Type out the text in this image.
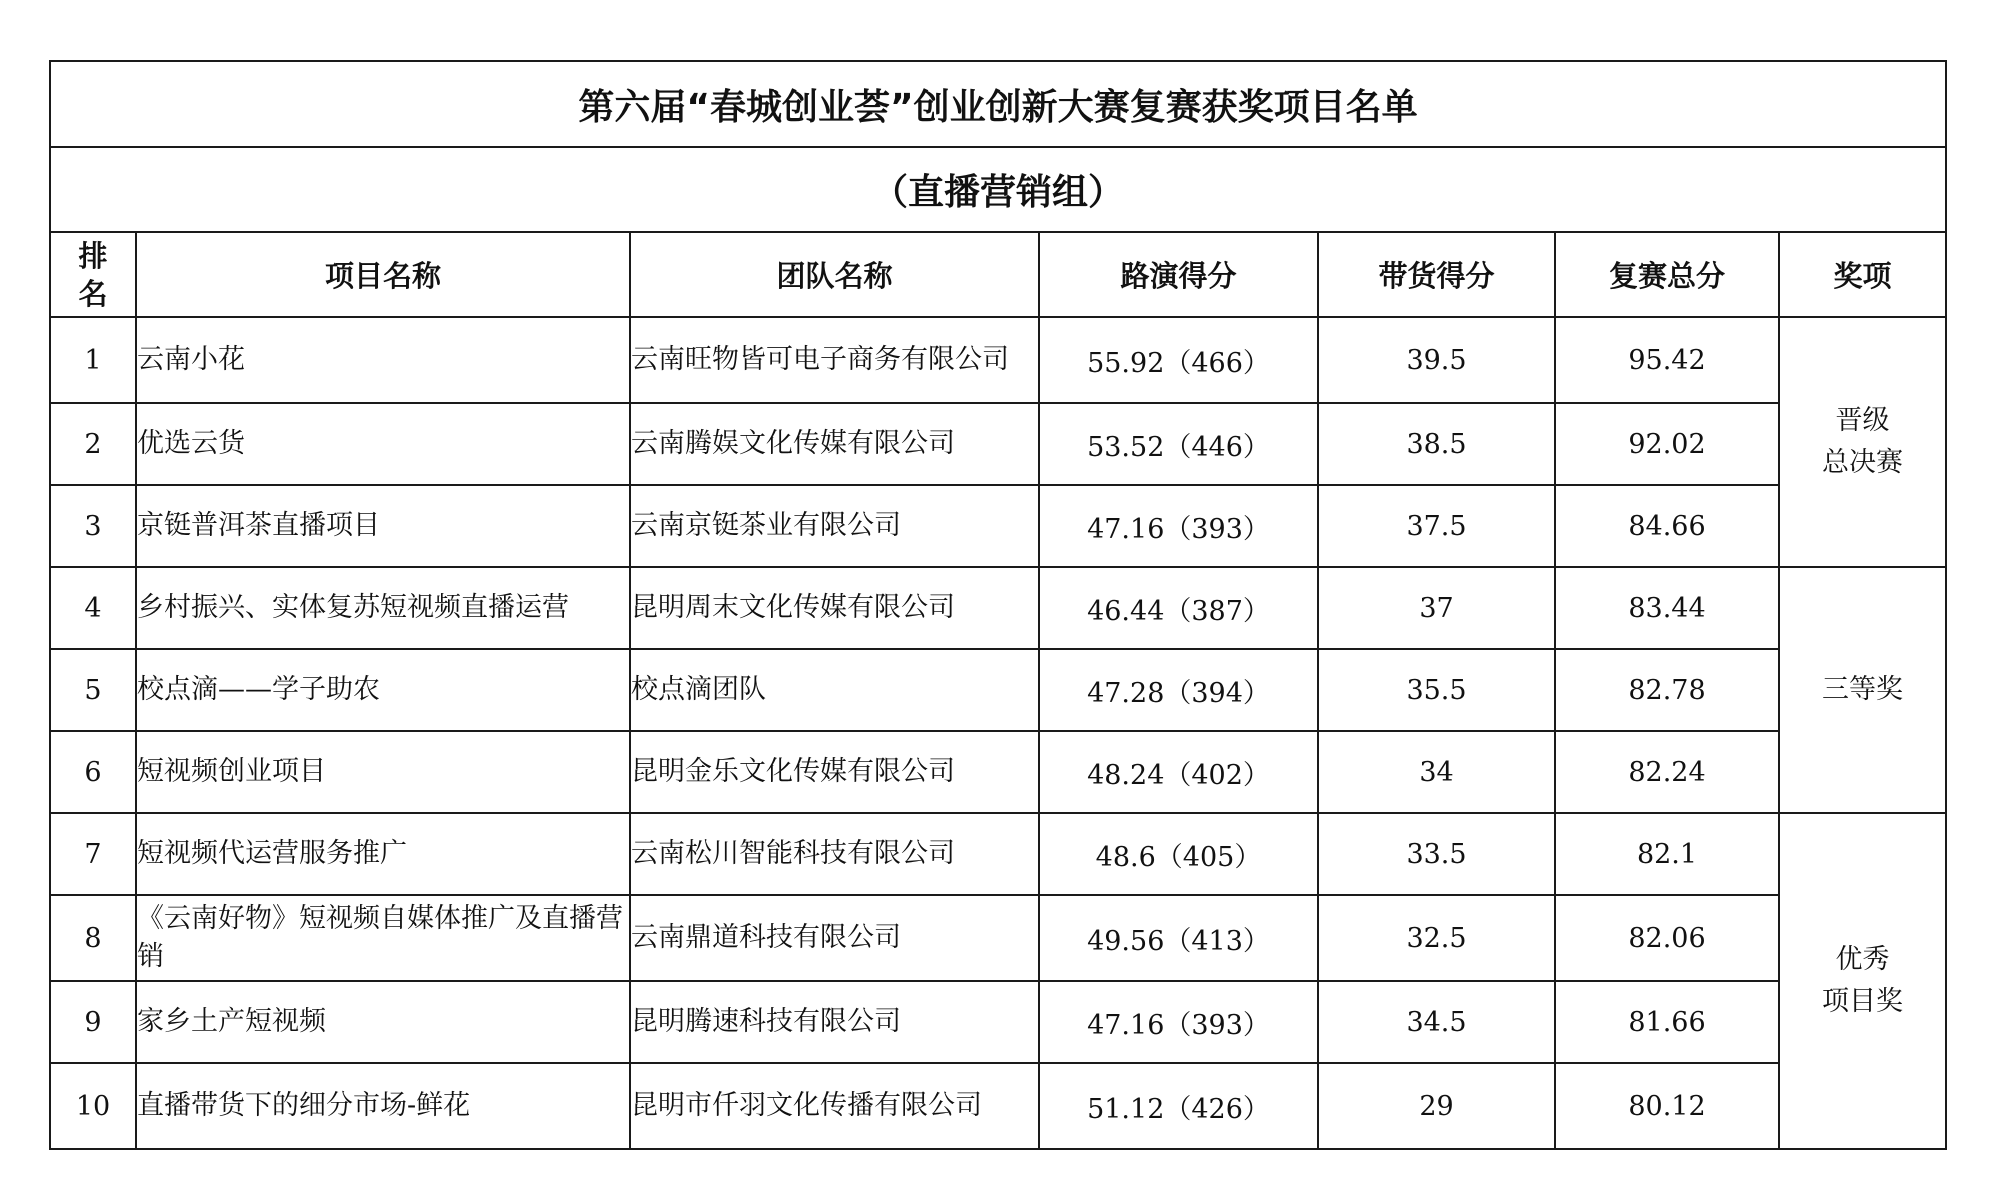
第六届“春城创业荟”创业创新大赛复赛获奖项目名单						
（直播营销组）						
排
名	项目名称	团队名称	路演得分	带货得分	复赛总分	奖项
1	云南小花	云南旺物皆可电子商务有限公司	55.92（466）	39.5	95.42	晋级
总决赛
2	优选云货	云南腾娱文化传媒有限公司	53.52（446）	38.5	92.02	
3	京铤普洱茶直播项目	云南京铤茶业有限公司	47.16（393）	37.5	84.66	
4	乡村振兴、实体复苏短视频直播运营	昆明周末文化传媒有限公司	46.44（387）	37	83.44	三等奖
5	校点滴——学子助农	校点滴团队	47.28（394）	35.5	82.78	
6	短视频创业项目	昆明金乐文化传媒有限公司	48.24（402）	34	82.24	
7	短视频代运营服务推广	云南松川智能科技有限公司	48.6（405）	33.5	82.1	优秀
项目奖
8	《云南好物》短视频自媒体推广及直播营销	云南鼎道科技有限公司	49.56（413）	32.5	82.06	
9	家乡土产短视频	昆明腾速科技有限公司	47.16（393）	34.5	81.66	
10	直播带货下的细分市场-鲜花	昆明市仟羽文化传播有限公司	51.12（426）	29	80.12	
